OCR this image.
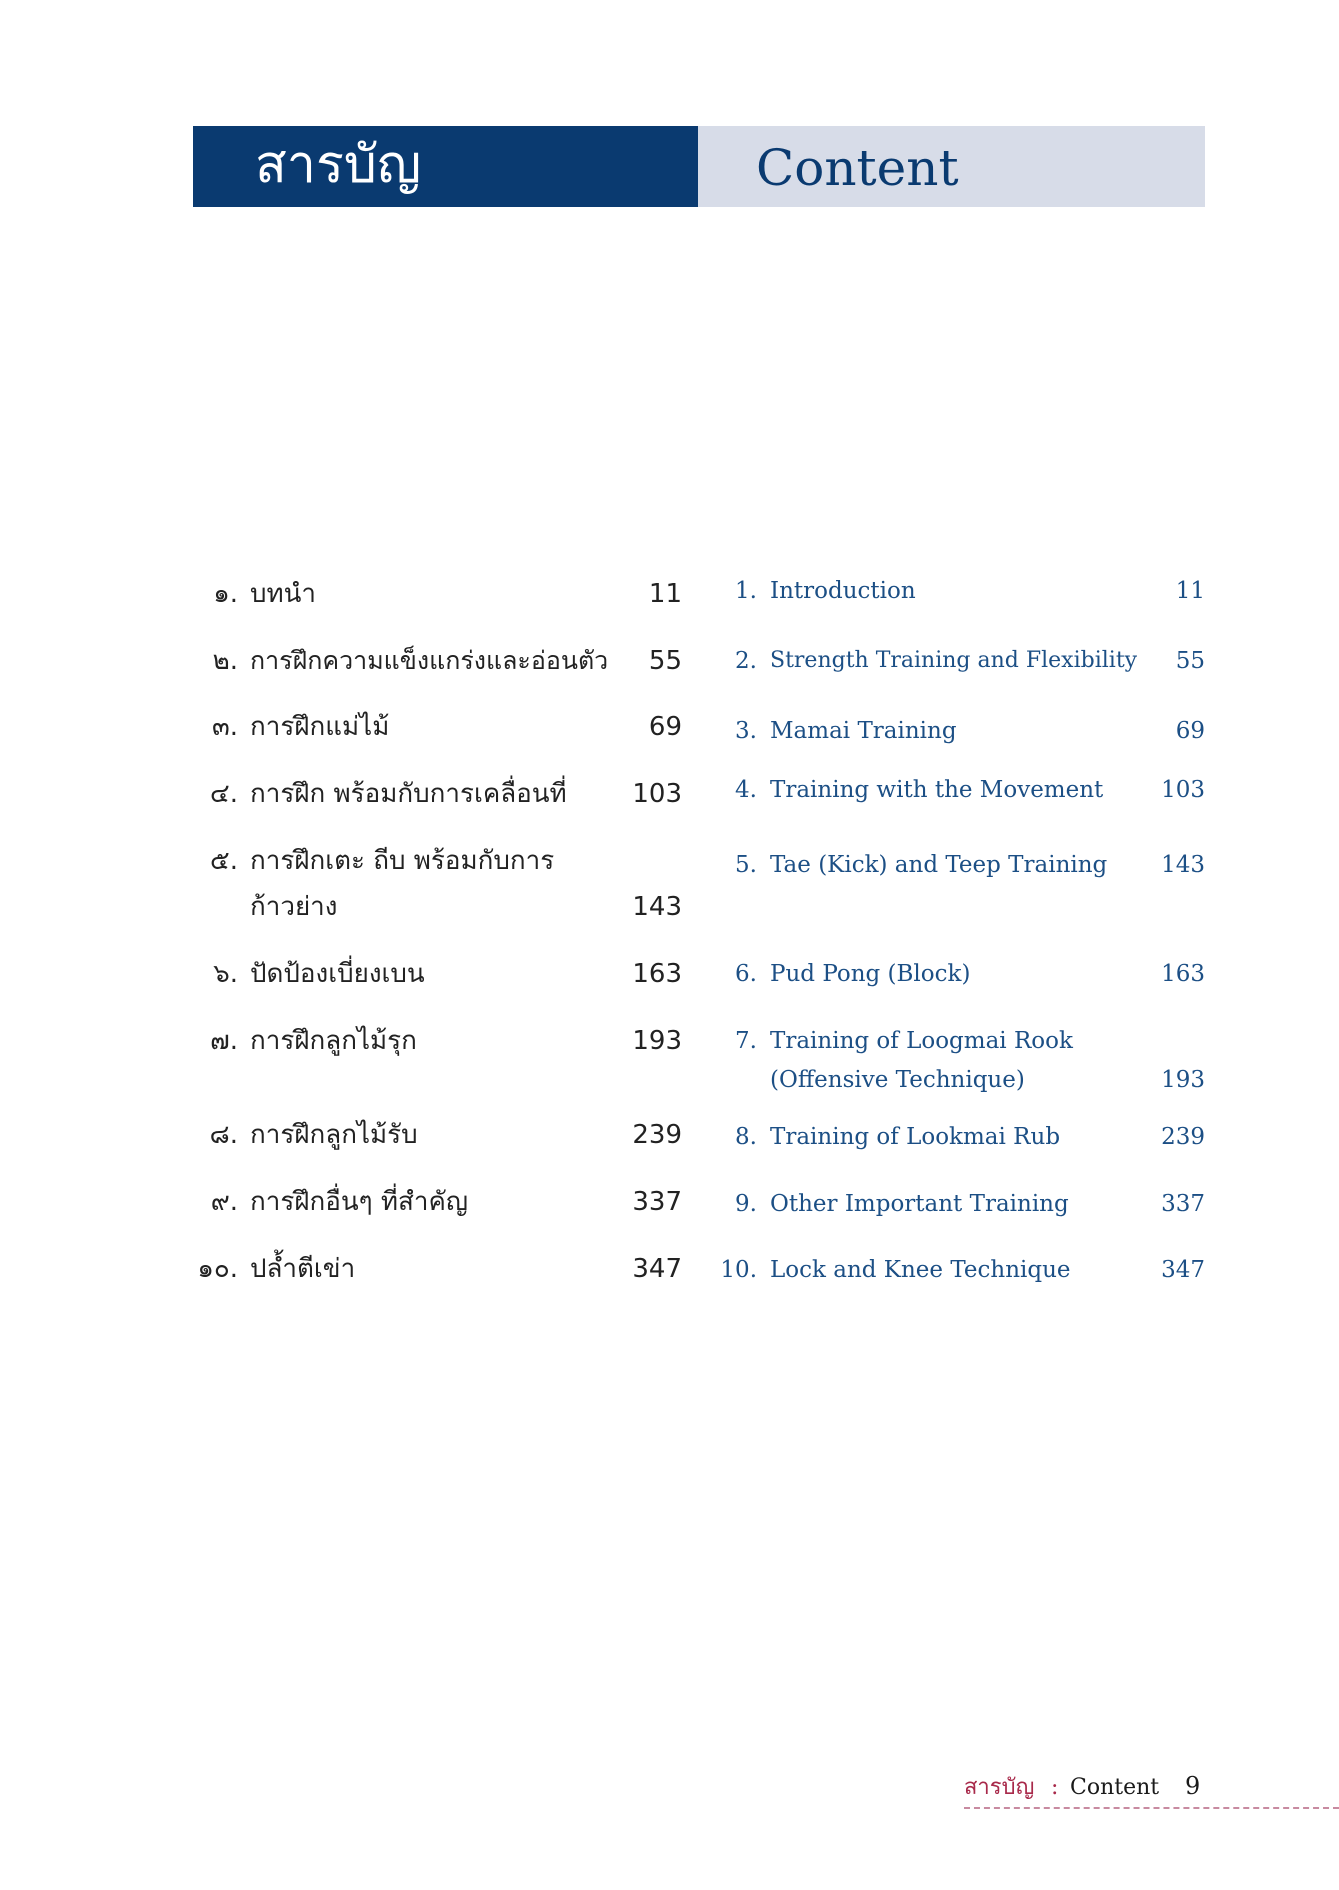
สารบัญ	Content
๑. บทนำ	11
๒. การฝึกความแข็งแกร่งและอ่อนตัว	55
๓. การฝึกแม่ไม้	69
๔. การฝึก พร้อมกับการเคลื่อนที่	103
๕. การฝึกเตะ ถีบ พร้อมกับการ
ก้าวย่าง	143
๖. ปัดป้องเบี่ยงเบน	163
๗. การฝึกลูกไม้รุก	193
๘. การฝึกลูกไม้รับ	239
๙. การฝึกอื่นๆ ที่สำคัญ	337
๑๐. ปล้ำตีเข่า	347
1. Introduction	11
2. Strength Training and Flexibility	55
3. Mamai Training	69
4. Training with the Movement	103
5. Tae (Kick) and Teep Training	143
6. Pud Pong (Block)	163
7. Training of Loogmai Rook
(Offensive Technique)	193
8. Training of Lookmai Rub	239
9. Other Important Training	337
10. Lock and Knee Technique	347
สารบัญ : Content 9
